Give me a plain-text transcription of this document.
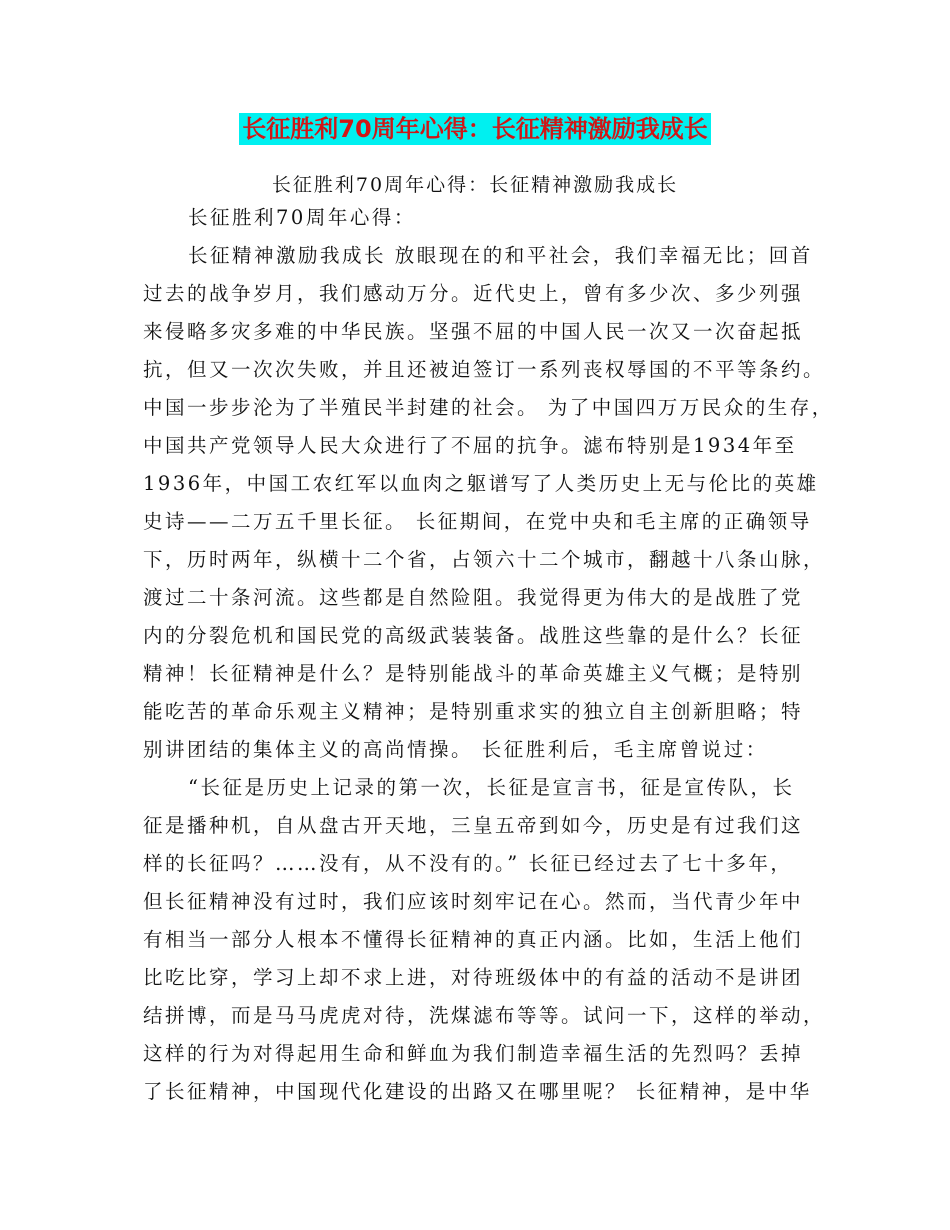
长征胜利70周年心得：长征精神激励我成长
长征胜利70周年心得：长征精神激励我成长
长征胜利70周年心得：
长征精神激励我成长 放眼现在的和平社会，我们幸福无比；回首
过去的战争岁月，我们感动万分。近代史上，曾有多少次、多少列强
来侵略多灾多难的中华民族。坚强不屈的中国人民一次又一次奋起抵
抗，但又一次次失败，并且还被迫签订一系列丧权辱国的不平等条约。
中国一步步沦为了半殖民半封建的社会。 为了中国四万万民众的生存，
中国共产党领导人民大众进行了不屈的抗争。滤布特别是1934年至
1936年，中国工农红军以血肉之躯谱写了人类历史上无与伦比的英雄
史诗——二万五千里长征。 长征期间，在党中央和毛主席的正确领导
下，历时两年，纵横十二个省，占领六十二个城市，翻越十八条山脉，
渡过二十条河流。这些都是自然险阻。我觉得更为伟大的是战胜了党
内的分裂危机和国民党的高级武装装备。战胜这些靠的是什么？长征
精神！长征精神是什么？是特别能战斗的革命英雄主义气概；是特别
能吃苦的革命乐观主义精神；是特别重求实的独立自主创新胆略；特
别讲团结的集体主义的高尚情操。 长征胜利后，毛主席曾说过：
“长征是历史上记录的第一次，长征是宣言书，征是宣传队，长
征是播种机，自从盘古开天地，三皇五帝到如今，历史是有过我们这
样的长征吗？……没有，从不没有的。” 长征已经过去了七十多年，
但长征精神没有过时，我们应该时刻牢记在心。然而，当代青少年中
有相当一部分人根本不懂得长征精神的真正内涵。比如，生活上他们
比吃比穿，学习上却不求上进，对待班级体中的有益的活动不是讲团
结拼博，而是马马虎虎对待，洗煤滤布等等。试问一下，这样的举动，
这样的行为对得起用生命和鲜血为我们制造幸福生活的先烈吗？丢掉
了长征精神，中国现代化建设的出路又在哪里呢？ 长征精神，是中华
